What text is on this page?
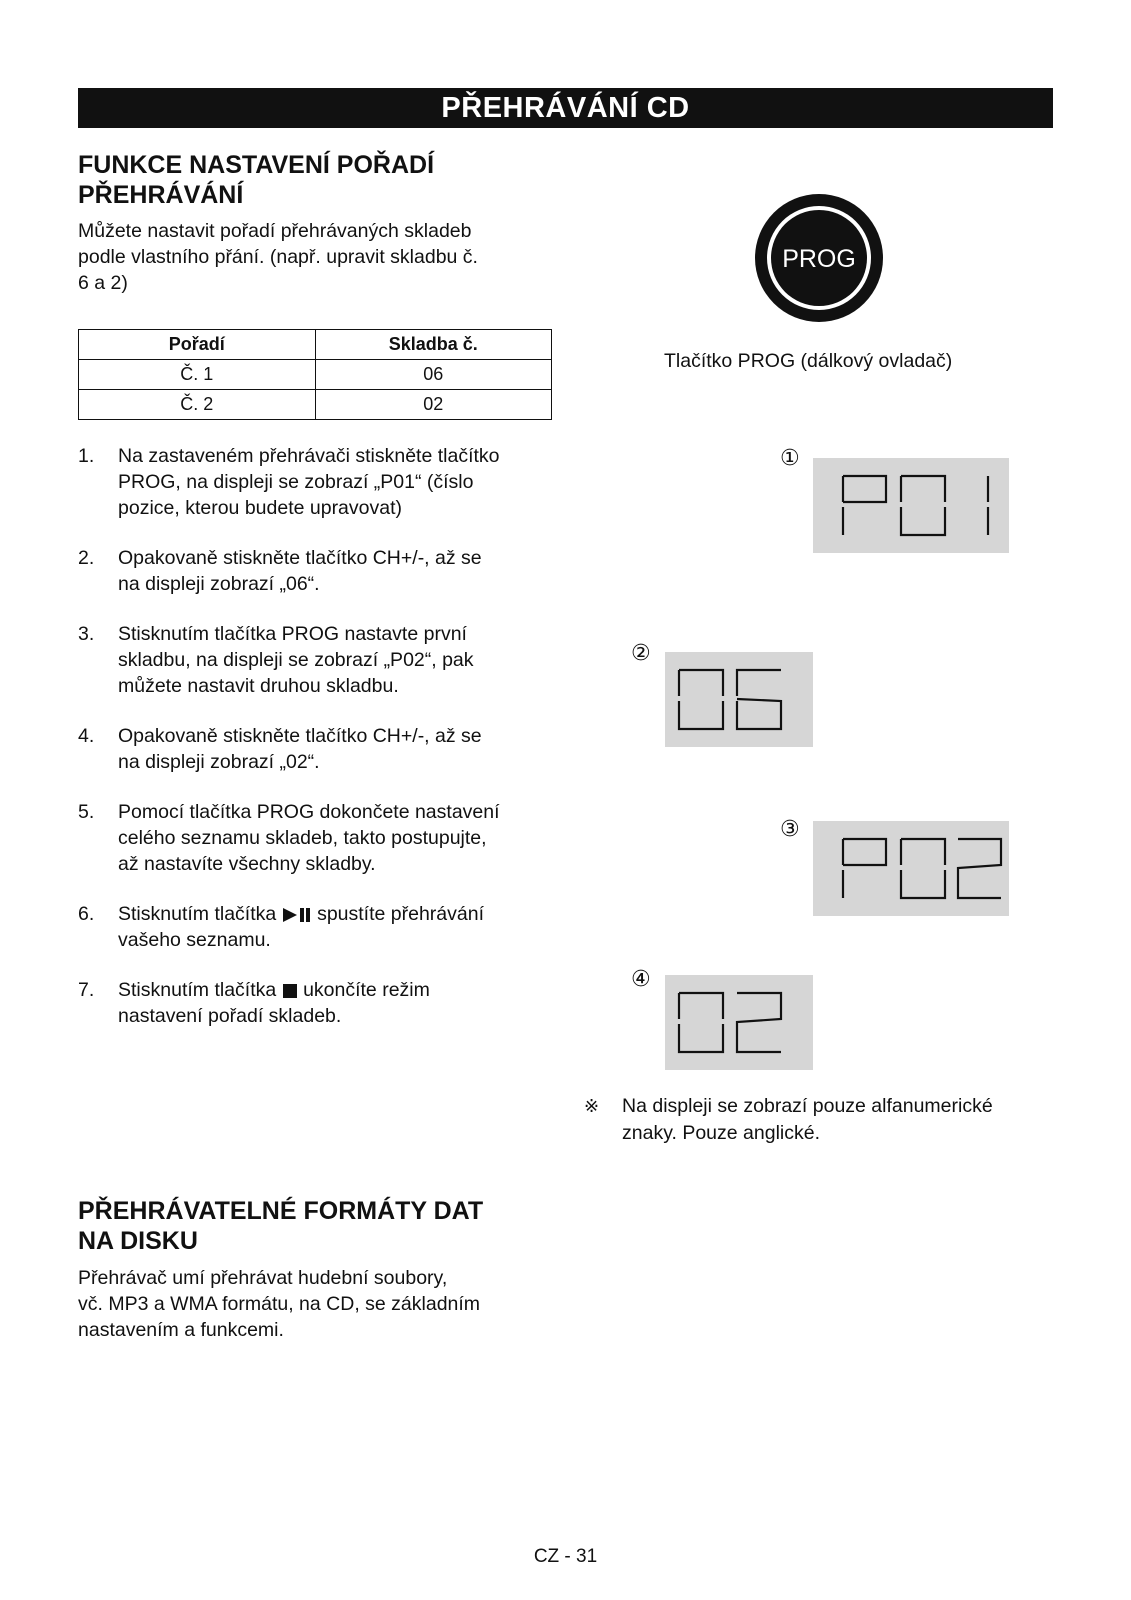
PŘEHRÁVÁNÍ CD
FUNKCE NASTAVENÍ POŘADÍ
PŘEHRÁVÁNÍ
Můžete nastavit pořadí přehrávaných skladeb
podle vlastního přání. (např. upravit skladbu č.
6 a 2)
Pořadí	Skladba č.
Č. 1	06
Č. 2	02
1. Na zastaveném přehrávači stiskněte tlačítko
PROG, na displeji se zobrazí „P01“ (číslo
pozice, kterou budete upravovat)
2. Opakovaně stiskněte tlačítko CH+/-, až se
na displeji zobrazí „06“.
3. Stisknutím tlačítka PROG nastavte první
skladbu, na displeji se zobrazí „P02“, pak
můžete nastavit druhou skladbu.
4. Opakovaně stiskněte tlačítko CH+/-, až se
na displeji zobrazí „02“.
5. Pomocí tlačítka PROG dokončete nastavení
celého seznamu skladeb, takto postupujte,
až nastavíte všechny skladby.
6. Stisknutím tlačítka spustíte přehrávání
vašeho seznamu.
7. Stisknutím tlačítka ukončíte režim
nastavení pořadí skladeb.
PROG
Tlačítko PROG (dálkový ovladač)
①
②
③
④
P01
06
P02
02
※ Na displeji se zobrazí pouze alfanumerické
znaky. Pouze anglické.
PŘEHRÁVATELNÉ FORMÁTY DAT
NA DISKU
Přehrávač umí přehrávat hudební soubory,
vč. MP3 a WMA formátu, na CD, se základním
nastavením a funkcemi.
CZ - 31
